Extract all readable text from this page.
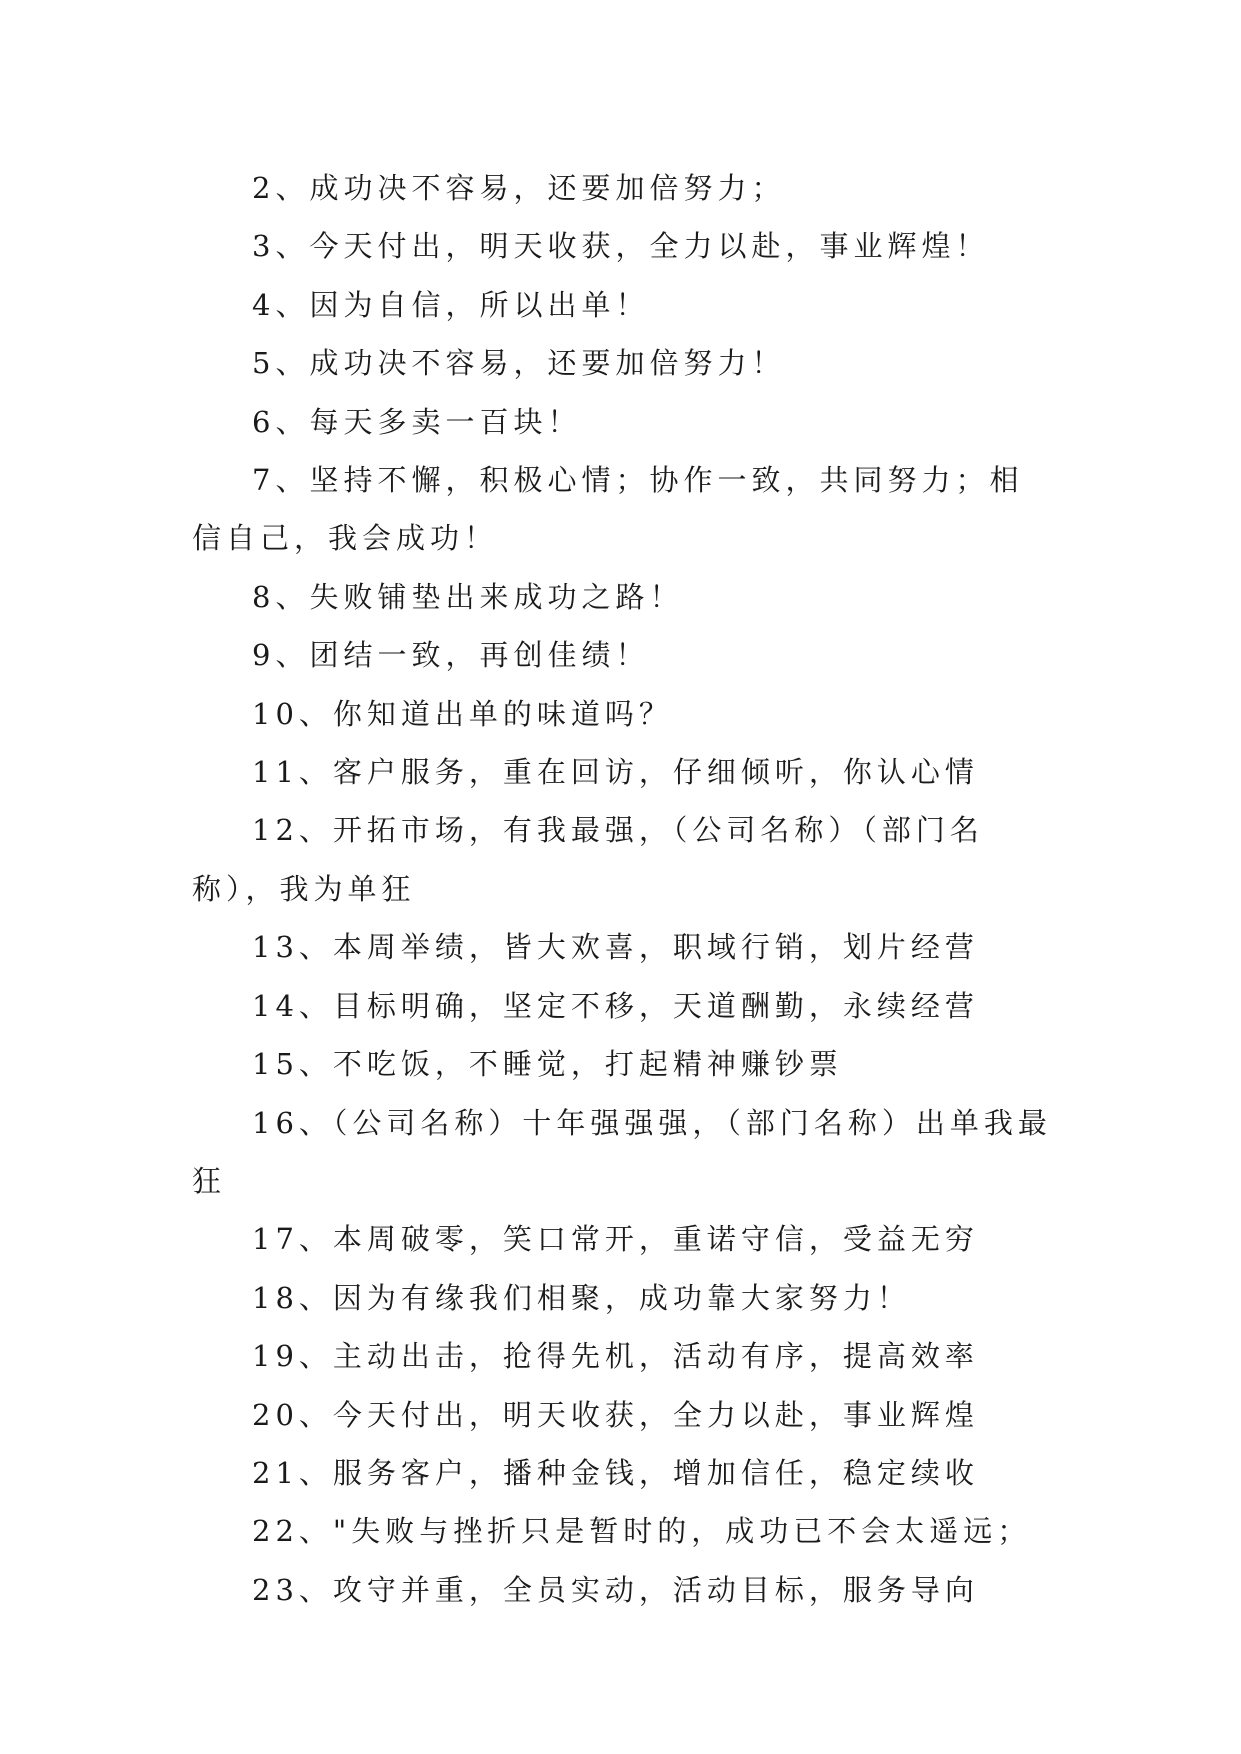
2、成功决不容易，还要加倍努力；

3、今天付出，明天收获，全力以赴，事业辉煌！

4、因为自信，所以出单！

5、成功决不容易，还要加倍努力！

6、每天多卖一百块！

7、坚持不懈，积极心情；协作一致，共同努力；相信自己，我会成功！

8、失败铺垫出来成功之路！

9、团结一致，再创佳绩！

10、你知道出单的味道吗？

11、客户服务，重在回访，仔细倾听，你认心情

12、开拓市场，有我最强，（公司名称）（部门名称），我为单狂

13、本周举绩，皆大欢喜，职域行销，划片经营

14、目标明确，坚定不移，天道酬勤，永续经营

15、不吃饭，不睡觉，打起精神赚钞票

16、（公司名称）十年强强强，（部门名称）出单我最狂

17、本周破零，笑口常开，重诺守信，受益无穷

18、因为有缘我们相聚，成功靠大家努力！

19、主动出击，抢得先机，活动有序，提高效率

20、今天付出，明天收获，全力以赴，事业辉煌

21、服务客户，播种金钱，增加信任，稳定续收

22、"失败与挫折只是暂时的，成功已不会太遥远；

23、攻守并重，全员实动，活动目标，服务导向
